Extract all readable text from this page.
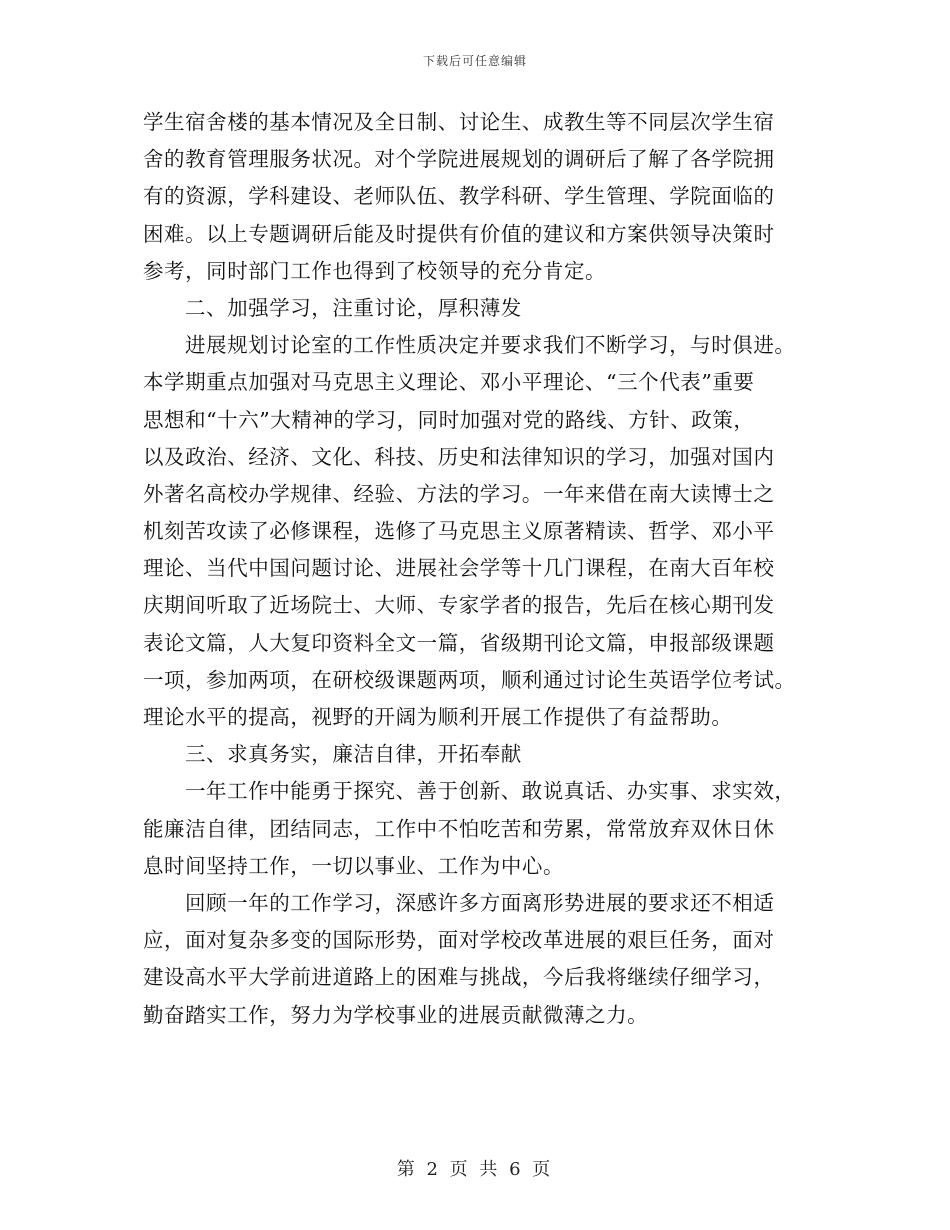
下载后可任意编辑
学生宿舍楼的基本情况及全日制、讨论生、成教生等不同层次学生宿
舍的教育管理服务状况。对个学院进展规划的调研后了解了各学院拥
有的资源，学科建设、老师队伍、教学科研、学生管理、学院面临的
困难。以上专题调研后能及时提供有价值的建议和方案供领导决策时
参考，同时部门工作也得到了校领导的充分肯定。
二、加强学习，注重讨论，厚积薄发
进展规划讨论室的工作性质决定并要求我们不断学习，与时俱进。
本学期重点加强对马克思主义理论、邓小平理论、“三个代表”重要
思想和“十六”大精神的学习，同时加强对党的路线、方针、政策，
以及政治、经济、文化、科技、历史和法律知识的学习，加强对国内
外著名高校办学规律、经验、方法的学习。一年来借在南大读博士之
机刻苦攻读了必修课程，选修了马克思主义原著精读、哲学、邓小平
理论、当代中国问题讨论、进展社会学等十几门课程，在南大百年校
庆期间听取了近场院士、大师、专家学者的报告，先后在核心期刊发
表论文篇，人大复印资料全文一篇，省级期刊论文篇，申报部级课题
一项，参加两项，在研校级课题两项，顺利通过讨论生英语学位考试。
理论水平的提高，视野的开阔为顺利开展工作提供了有益帮助。
三、求真务实，廉洁自律，开拓奉献
一年工作中能勇于探究、善于创新、敢说真话、办实事、求实效，
能廉洁自律，团结同志，工作中不怕吃苦和劳累，常常放弃双休日休
息时间坚持工作，一切以事业、工作为中心。
回顾一年的工作学习，深感许多方面离形势进展的要求还不相适
应，面对复杂多变的国际形势，面对学校改革进展的艰巨任务，面对
建设高水平大学前进道路上的困难与挑战，今后我将继续仔细学习，
勤奋踏实工作，努力为学校事业的进展贡献微薄之力。
第 2 页 共 6 页
